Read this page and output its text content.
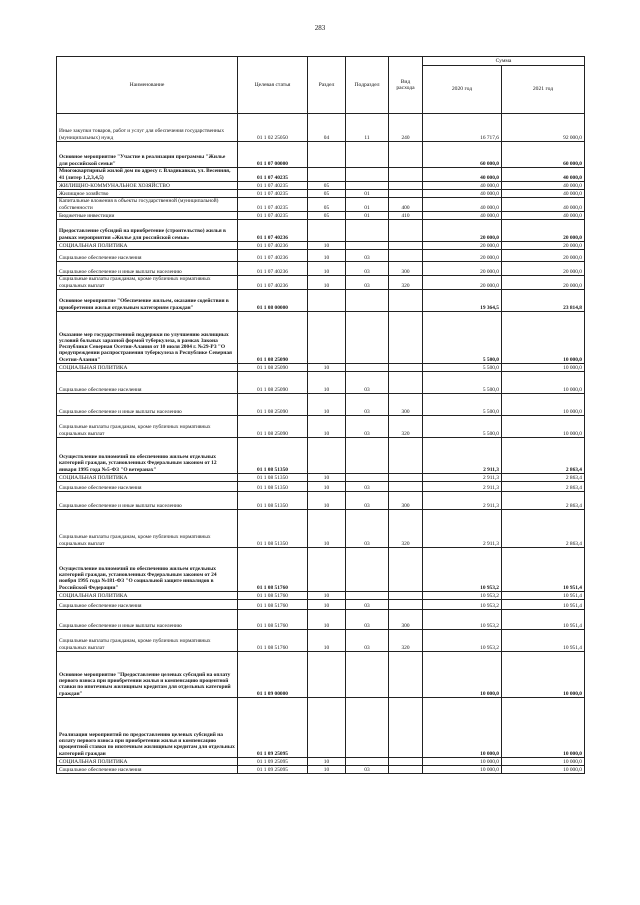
283
Наименование	Целевая статья	Раздел	Подраздел	Вид расхода	Сумма	
					2020 год	2021 год
Иные закупки товаров, работ и услуг для обеспечения государственных (муниципальных) нужд	01 1 02 25050	04	11	240	16 717,6	92 000,0
Основное мероприятие "Участие в реализации программы "Жилье для российской семьи"	01 1 07 00000				60 000,0	60 000,0
Многоквартирный жилой дом по адресу г. Владикавказ, ул. Весенняя, 41 (литер 1,2,3,4,5)	01 1 07 40235				40 000,0	40 000,0
ЖИЛИЩНО-КОММУНАЛЬНОЕ ХОЗЯЙСТВО	01 1 07 40235	05			40 000,0	40 000,0
Жилищное хозяйство	01 1 07 40235	05	01		40 000,0	40 000,0
Капитальные вложения в объекты государственной (муниципальной) собственности	01 1 07 40235	05	01	400	40 000,0	40 000,0
Бюджетные инвестиции	01 1 07 40235	05	01	410	40 000,0	40 000,0
Предоставление субсидий на приобретение (строительство) жилья в рамках мероприятия «Жилье для российской семьи»	01 1 07 40236				20 000,0	20 000,0
СОЦИАЛЬНАЯ ПОЛИТИКА	01 1 07 40236	10			20 000,0	20 000,0
Социальное обеспечение населения	01 1 07 40236	10	03		20 000,0	20 000,0
Социальное обеспечение и иные выплаты населению	01 1 07 40236	10	03	300	20 000,0	20 000,0
Социальные выплаты гражданам, кроме публичных нормативных социальных выплат	01 1 07 40236	10	03	320	20 000,0	20 000,0
Основное мероприятие "Обеспечение жильем, оказание содействия в приобретении жилья отдельным категориям граждан"	01 1 08 00000				19 364,5	23 814,8
Оказание мер государственной поддержки по улучшению жилищных условий больных заразной формой туберкулеза, в рамках Закона Республики Северная Осетия-Алания от 10 июля 2004 г. №29-РЗ "О предупреждении распространения туберкулеза в Республике Северная Осетия-Алания"	01 1 08 25090				5 500,0	10 000,0
СОЦИАЛЬНАЯ ПОЛИТИКА	01 1 08 25090	10			5 500,0	10 000,0
Социальное обеспечение населения	01 1 08 25090	10	03		5 500,0	10 000,0
Социальное обеспечение и иные выплаты населению	01 1 08 25090	10	03	300	5 500,0	10 000,0
Социальные выплаты гражданам, кроме публичных нормативных социальных выплат	01 1 08 25090	10	03	320	5 500,0	10 000,0
Осуществление полномочий по обеспечению жильем отдельных категорий граждан, установленных Федеральным законом от 12 января 1995 года №5-ФЗ "О ветеранах"	01 1 08 51350				2 911,3	2 863,4
СОЦИАЛЬНАЯ ПОЛИТИКА	01 1 08 51350	10			2 911,3	2 863,4
Социальное обеспечение населения	01 1 08 51350	10	03		2 911,3	2 863,4
Социальное обеспечение и иные выплаты населению	01 1 08 51350	10	03	300	2 911,3	2 863,4
Социальные выплаты гражданам, кроме публичных нормативных социальных выплат	01 1 08 51350	10	03	320	2 911,3	2 863,4
Осуществление полномочий по обеспечению жильем отдельных категорий граждан, установленных Федеральным законом от 24 ноября 1995 года №181-ФЗ "О социальной защите инвалидов в Российской Федерации"	01 1 08 51760				10 953,2	10 951,4
СОЦИАЛЬНАЯ ПОЛИТИКА	01 1 08 51760	10			10 953,2	10 951,4
Социальное обеспечение населения	01 1 08 51760	10	03		10 953,2	10 951,4
Социальное обеспечение и иные выплаты населению	01 1 08 51760	10	03	300	10 953,2	10 951,4
Социальные выплаты гражданам, кроме публичных нормативных социальных выплат	01 1 08 51760	10	03	320	10 953,2	10 951,4
Основное мероприятие "Предоставление целевых субсидий на оплату первого взноса при приобретении жилья и компенсацию процентной ставки по ипотечным жилищным кредитам для отдельных категорий граждан"	01 1 09 00000				10 000,0	10 000,0
Реализация мероприятий по предоставлению целевых субсидий на оплату первого взноса при приобретении жилья и компенсацию процентной ставки по ипотечным жилищным кредитам для отдельных категорий граждан	01 1 09 25095				10 000,0	10 000,0
СОЦИАЛЬНАЯ ПОЛИТИКА	01 1 09 25095	10			10 000,0	10 000,0
Социальное обеспечение населения	01 1 09 25095	10	03		10 000,0	10 000,0
